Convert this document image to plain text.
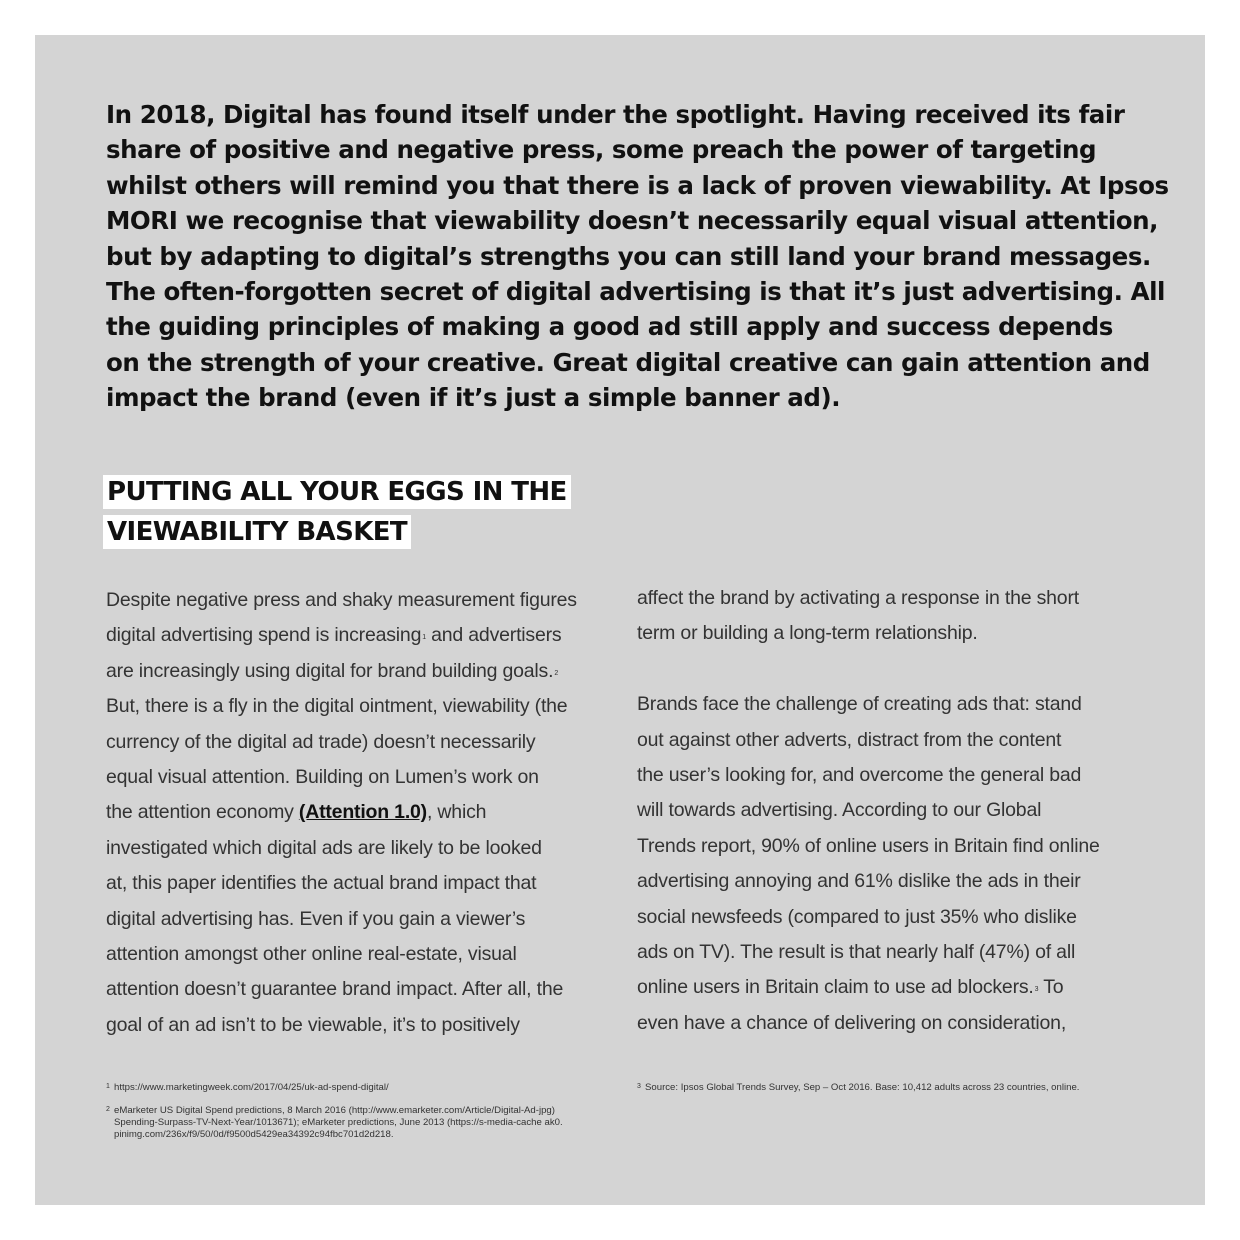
In 2018, Digital has found itself under the spotlight. Having received its fair
share of positive and negative press, some preach the power of targeting
whilst others will remind you that there is a lack of proven viewability. At Ipsos
MORI we recognise that viewability doesn’t necessarily equal visual attention,
but by adapting to digital’s strengths you can still land your brand messages.
The often-forgotten secret of digital advertising is that it’s just advertising. All
the guiding principles of making a good ad still apply and success depends
on the strength of your creative. Great digital creative can gain attention and
impact the brand (even if it’s just a simple banner ad).
PUTTING ALL YOUR EGGS IN THE
VIEWABILITY BASKET
Despite negative press and shaky measurement figures
digital advertising spend is increasing$^1$ and advertisers
are increasingly using digital for brand building goals.$^2$
But, there is a fly in the digital ointment, viewability (the
currency of the digital ad trade) doesn’t necessarily
equal visual attention. Building on Lumen’s work on
the attention economy (Attention 1.0), which
investigated which digital ads are likely to be looked
at, this paper identifies the actual brand impact that
digital advertising has. Even if you gain a viewer’s
attention amongst other online real-estate, visual
attention doesn’t guarantee brand impact. After all, the
goal of an ad isn’t to be viewable, it’s to positively
affect the brand by activating a response in the short
term or building a long-term relationship.
Brands face the challenge of creating ads that: stand
out against other adverts, distract from the content
the user’s looking for, and overcome the general bad
will towards advertising. According to our Global
Trends report, 90% of online users in Britain find online
advertising annoying and 61% dislike the ads in their
social newsfeeds (compared to just 35% who dislike
ads on TV). The result is that nearly half (47%) of all
online users in Britain claim to use ad blockers.$^3$ To
even have a chance of delivering on consideration,
1 https://www.marketingweek.com/2017/04/25/uk-ad-spend-digital/
2 eMarketer US Digital Spend predictions, 8 March 2016 (http://www.emarketer.com/Article/Digital-Ad-jpg)
Spending-Surpass-TV-Next-Year/1013671); eMarketer predictions, June 2013 (https://s-media-cache ak0.
pinimg.com/236x/f9/50/0d/f9500d5429ea34392c94fbc701d2d218.
3 Source: Ipsos Global Trends Survey, Sep – Oct 2016. Base: 10,412 adults across 23 countries, online.
